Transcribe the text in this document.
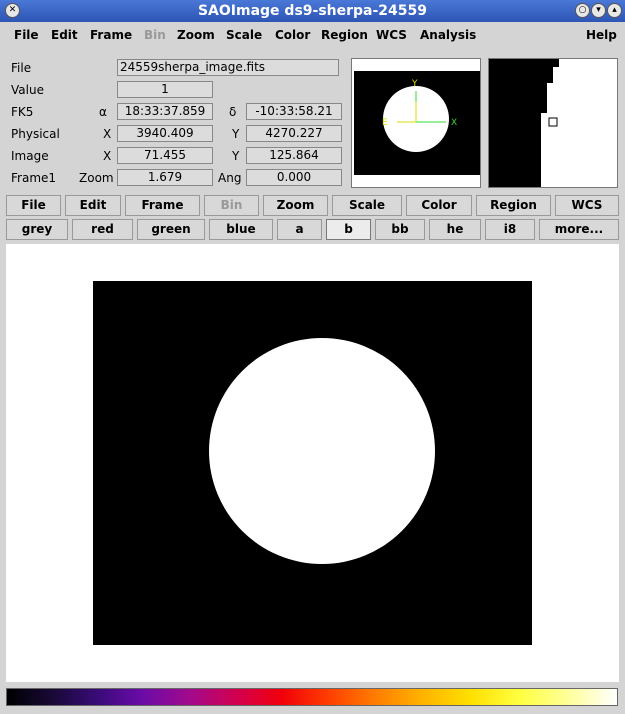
✕	SAOImage ds9-sherpa-24559	○	▾	▴
File Edit Frame Bin Zoom Scale Color Region WCS Analysis	Help
File	24559sherpa_image.fits
Value	1
FK5	α	18:33:37.859	δ	-10:33:58.21
Physical	X	3940.409	Y	4270.227
Image	X	71.455	Y	125.864
Frame1 Zoom	1.679	Ang	0.000
Y
E	X
File	Edit	Frame	Bin	Zoom	Scale	Color	Region	WCS
grey	red	green	blue	a	b	bb	he	i8	more...
